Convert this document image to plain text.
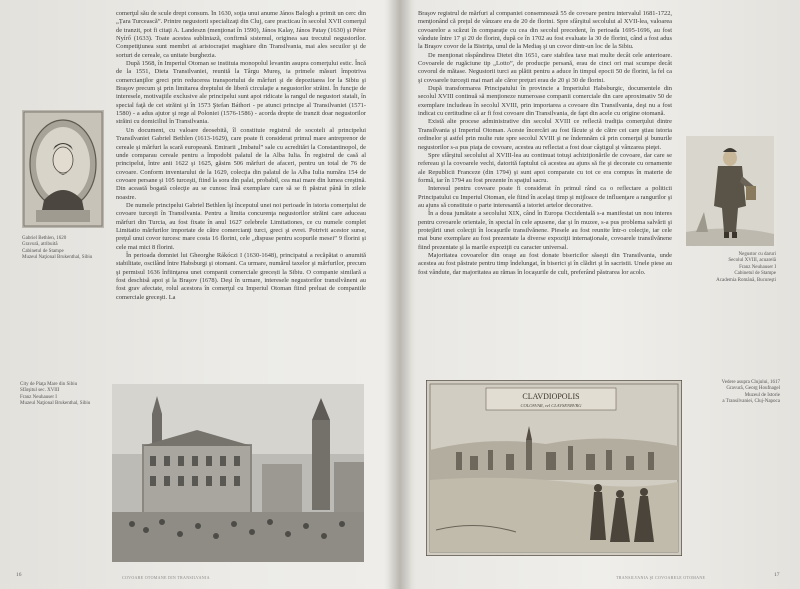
comerţul său de scule drept consum. În 1630, soţia unui anume János Balogh a primit un cerc din „Țara Turcească”. Printre negustorii specializaţi din Cluj, care practicau în secolul XVII comerţul de tranzit, pot fi citaţi A. Landeszn (menţionat în 1590), János Kalay, János Patay (1630) şi Péter Nyírő (1633). Toate acestea subliniază, confirmă sistemul, originea sau trecutul negustorilor. Competiţiunea sunt membri ai aristocraţiei maghiare din Transilvania, mai ales secuilor şi de sorturi de cereale, ca unitate burghezia.

După 1568, în Imperiul Otoman se instituia monopolul levantin asupra comerţului estic. Încă de la 1551, Dieta Transilvaniei, reunită la Târgu Mureş, ia primele măsuri împotriva comercianţilor greci prin reducerea transportului de mărfuri şi de depozitarea lor la Sibiu şi Braşov precum şi prin limitarea dreptului de liberă circulaţie a negustorilor străini. În funcţie de interesele, motivaţiile exclusive ale principelui sunt apoi ridicate la rangul de negustori statali, în special faţă de cei străini şi în 1573 Ştefan Báthori - pe atunci principe al Transilvaniei (1571-1580) - a adus ajutor şi rege al Poloniei (1576-1586) - acorda drepte de tranzit doar negustorilor străini cu domiciliul în Transilvania.

Un document, cu valoare deosebită, îl constituie registrul de socoteli al principelui Transilvaniei Gabriel Bethlen (1613-1629), care poate fi considerat primul mare antreprenor de cereale şi mărfuri la scară europeană. Emirarii „Imbatul” sale cu acreditări la Constantinopol, de unde comparau cereale pentru a împodobi palatul de la Alba Iulia. În registrul de casă al principelui, între anii 1622 şi 1625, găsim 506 mărfuri de afaceri, pentru un total de 76 de covoare. Conform inventarului de la 1629, colecţia din palatul de la Alba Iulia număra 154 de covoare persane şi 105 turceşti, fiind la sora din palat, probabil, cea mai mare din lumea creştină. Din această bogată colecţie au se cunosc însă exemplare care să se fi păstrat până în zilele noastre.

De numele principelui Gabriel Bethlen îşi începutul unei noi perioade în istoria comerţului de covoare turceşti în Transilvania. Pentru a limita concurenţa negustorilor străini care aduceau mărfuri din Turcia, au fost fixate în anul 1627 celebrele Limitationes, ce cu numele complet Limitatio mărfurilor importate de către comercianţi turci, greci şi evrei. Potrivit acestor surse, preţul unui covor turcesc mare costa 16 florini, cele „dispuse pentru scopurile mesei” 9 florini şi cele mai mici 8 florini.

În perioada domniei lui Gheorghe Rákóczi I (1630-1648), principatul a recăpătat o anumită stabilitate, oscilând între Habsburgi şi otomani. Ca urmare, numărul taxelor şi mărfurilor, precum şi permisul 1636 înfiinţarea unei companii comerciale grecești la Sibiu. O companie similară a fost deschisă apoi şi la Braşov (1678). Deşi în urmare, interesele negustorilor transilvăneni au fost grav afectate, rolul acestora în comerţul cu Imperiul Otoman fiind preluat de companiile comerciale greceşti. La

Gabriel Bethlen, 1620
Gravură, atribuită
Cabinetul de Stampe
Muzeul Naţional Brukenthal, Sibiu
City de Piaţa Mare din Sibiu
Sfârşitul sec. XVIII
Franz Neuhauser I
Muzeul Naţional Brukenthal, Sibiu
16	COVOARE OTOMANE DIN TRANSILVANIA

Braşov registrul de mărfuri al companiei consemnează 55 de covoare pentru intervalul 1681-1722, menţionând că preţul de vânzare era de 20 de florini. Spre sfârşitul secolului al XVII-lea, valoarea covoarelor a scăzut în comparaţie cu cea din secolul precedent, în perioada 1695-1696, au fost vândute între 17 şi 20 de florini, după ce în 1702 au fost evaluate la 30 de florini, când a fost adus la Braşov covor de la Bistriţa, unul de la Mediaş şi un covor dintr-un loc de la Sibiu.

De menţionat răspândirea Dietei din 1651, care stabilea taxe mai multe decât cele anterioare. Covoarele de rugăciune tip „Lotto”, de producţie persană, erau de cinci ori mai scumpe decât covorul de mătase. Negustorii turci au plătit pentru a aduce în timpul epocii 50 de florini, la fel ca şi covoarele turceşti mai mari ale căror preţuri erau de 20 şi 30 de florini.

După transformarea Principatului în provincie a Imperiului Habsburgic, documentele din secolul XVIII continuă să menţioneze numeroase companii comerciale din care aproximativ 50 de exemplare includeau în secolul XVIII, prin importarea a covoare din Transilvania, deşi nu a fost indicat cu certitudine că ar fi fost covoare din Transilvania, de fapt din acele cu origine otomană.

Există alte procese administrative din secolul XVIII ce reflectă tradiţia comerţului dintre Transilvania şi Imperiul Otoman. Aceste încercări au fost făcute şi de către cei care ştiau istoria ordinelor şi astfel prin multe rute spre secolul XVIII şi ne îndemnăm că prin comerţul şi bunurile negustorilor s-a pus piaţa de covoare, acestea au reflectat a fost doar câştigul şi vânzarea pieţei.

Spre sfârşitul secolului al XVIII-lea au continuat totuşi achiziţionările de covoare, dar care se refereau şi la covoarele vechi, datorită faptului că acestea au ajuns să fie şi decorate cu ornamente ale Republicii Franceze (din 1794) şi sunt apoi comparate cu tot ce era compus în materie de formă, iar în 1794 au fost prezente în spaţiul sacru.

Interesul pentru covoare poate fi considerat în primul rând ca o reflectare a politicii Principatului cu Imperiul Otoman, ele fiind în acelaşi timp şi mijloace de influenţare a rangurilor şi au ajuns să constituie o parte interesantă a istoriei artelor decorative.

În a doua jumătate a secolului XIX, când în Europa Occidentală s-a manifestat un nou interes pentru covoarele orientale, în special în cele apusene, dar şi în muzee, s-a pus problema salvării şi protejării unei colecţii în locaşurile transilvănene. Piesele au fost reunite într-o colecţie, iar cele mai bune exemplare au fost prezentate la diverse expoziţii internaţionale, covoarele transilvănene fiind prezentate şi la marile expoziţii cu caracter universal.

Majoritatea covoarelor din oraşe au fost donate bisericilor săseşti din Transilvania, unde acestea au fost păstrate pentru timp îndelungat, în biserici şi în clădiri şi în sacristii. Unele piese au fost vândute, dar majoritatea au rămas în locaşurile de cult, preferând păstrarea lor acolo.

Negustor cu daruri
Secolul XVIII, acuarelă
Franz Neuhauser I
Cabinetul de Stampe
Academia Română, Bucureşti
CLAVDIOPOLIS
COLOSVAR, vel CLAVSENBVRG
Vedere asupra Clujului, 1617
Gravură, Georg Houfnagel
Muzeul de Istorie
a Transilvaniei, Cluj-Napoca
TRANSILVANIA ŞI COVOARELE OTOMANE	17
